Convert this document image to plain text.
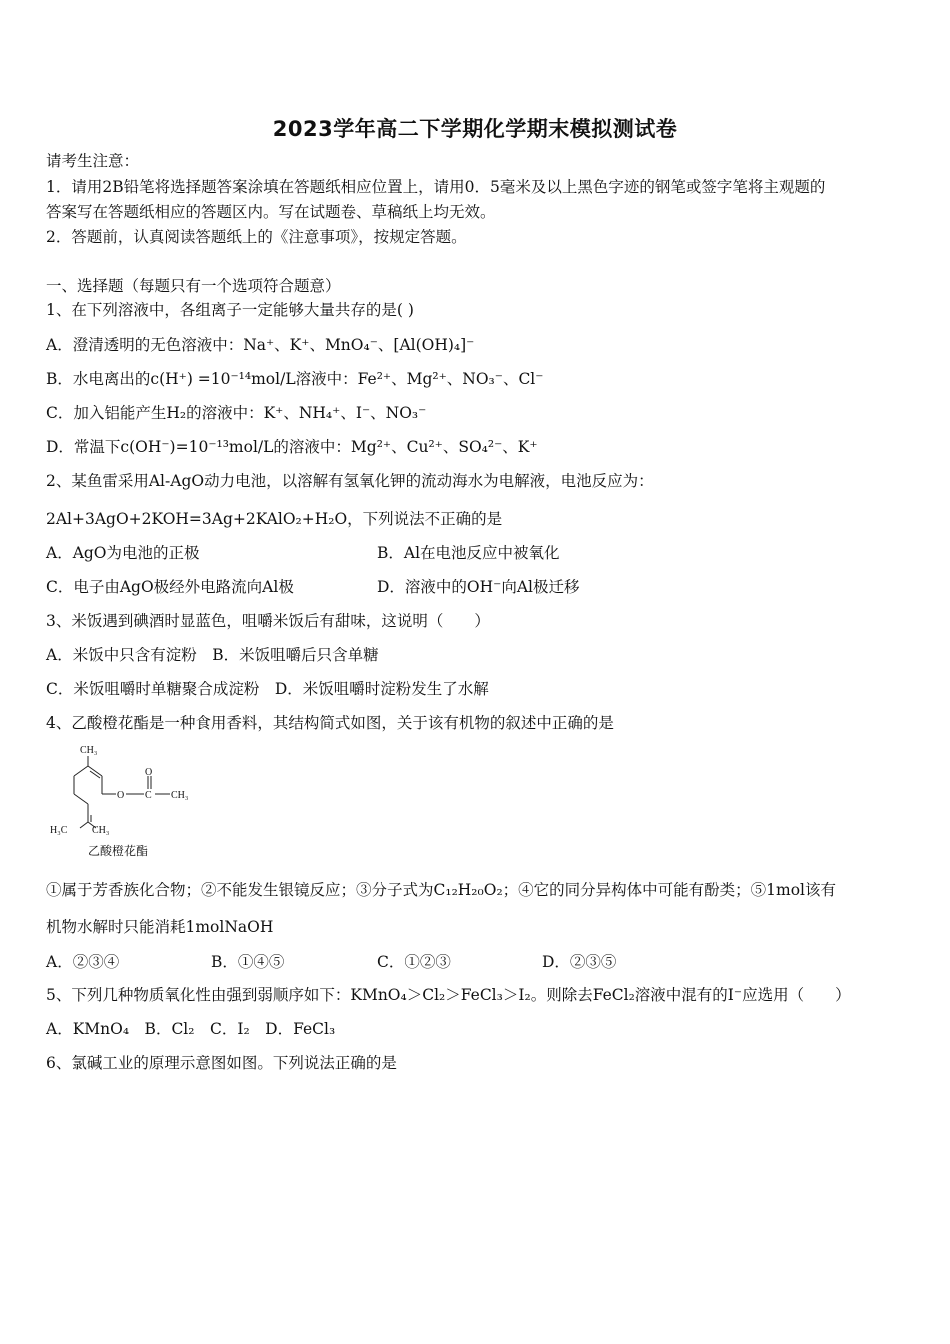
2023学年高二下学期化学期末模拟测试卷
请考生注意：
1．请用2B铅笔将选择题答案涂填在答题纸相应位置上，请用0．5毫米及以上黑色字迹的钢笔或签字笔将主观题的
答案写在答题纸相应的答题区内。写在试题卷、草稿纸上均无效。
2．答题前，认真阅读答题纸上的《注意事项》，按规定答题。
一、选择题（每题只有一个选项符合题意）
1、在下列溶液中，各组离子一定能够大量共存的是( )
A．澄清透明的无色溶液中：Na⁺、K⁺、MnO₄⁻、[Al(OH)₄]⁻
B．水电离出的c(H⁺) =10⁻¹⁴mol/L溶液中：Fe²⁺、Mg²⁺、NO₃⁻、Cl⁻
C．加入铝能产生H₂的溶液中：K⁺、NH₄⁺、I⁻、NO₃⁻
D．常温下c(OH⁻)=10⁻¹³mol/L的溶液中：Mg²⁺、Cu²⁺、SO₄²⁻、K⁺
2、某鱼雷采用Al-AgO动力电池，以溶解有氢氧化钾的流动海水为电解液，电池反应为：
2Al+3AgO+2KOH=3Ag+2KAlO₂+H₂O，下列说法不正确的是
A．AgO为电池的正极	B．Al在电池反应中被氧化
C．电子由AgO极经外电路流向Al极	D．溶液中的OH⁻向Al极迁移
3、米饭遇到碘酒时显蓝色，咀嚼米饭后有甜味，这说明（　　）
A．米饭中只含有淀粉　B．米饭咀嚼后只含单糖
C．米饭咀嚼时单糖聚合成淀粉　D．米饭咀嚼时淀粉发生了水解
4、乙酸橙花酯是一种食用香料，其结构简式如图，关于该有机物的叙述中正确的是
CH₃
O
O C CH₃
H₃C CH₃
乙酸橙花酯
①属于芳香族化合物；②不能发生银镜反应；③分子式为C₁₂H₂₀O₂；④它的同分异构体中可能有酚类；⑤1mol该有
机物水解时只能消耗1molNaOH
A．②③④	B．①④⑤	C．①②③	D．②③⑤
5、下列几种物质氧化性由强到弱顺序如下：KMnO₄＞Cl₂＞FeCl₃＞I₂。则除去FeCl₂溶液中混有的I⁻应选用（　　）
A．KMnO₄　B．Cl₂　C．I₂　D．FeCl₃
6、氯碱工业的原理示意图如图。下列说法正确的是
